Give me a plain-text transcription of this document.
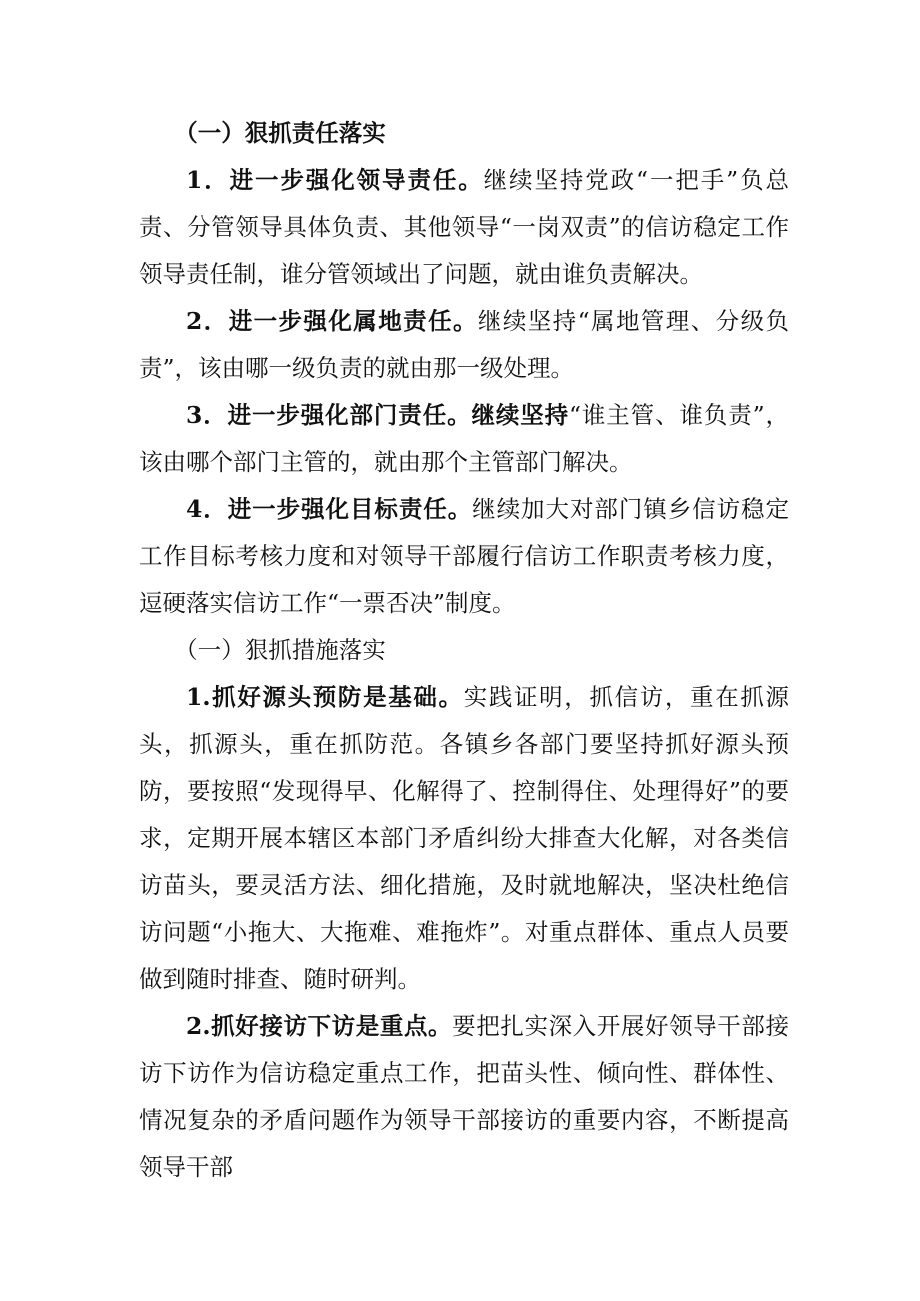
（一）狠抓责任落实

1．进一步强化领导责任。继续坚持党政“一把手”负总责、分管领导具体负责、其他领导“一岗双责”的信访稳定工作领导责任制，谁分管领域出了问题，就由谁负责解决。

2．进一步强化属地责任。继续坚持“属地管理、分级负责”，该由哪一级负责的就由那一级处理。

3．进一步强化部门责任。继续坚持“谁主管、谁负责”，该由哪个部门主管的，就由那个主管部门解决。

4．进一步强化目标责任。继续加大对部门镇乡信访稳定工作目标考核力度和对领导干部履行信访工作职责考核力度，逗硬落实信访工作“一票否决”制度。

（一）狠抓措施落实

1.抓好源头预防是基础。实践证明，抓信访，重在抓源头，抓源头，重在抓防范。各镇乡各部门要坚持抓好源头预防，要按照“发现得早、化解得了、控制得住、处理得好”的要求，定期开展本辖区本部门矛盾纠纷大排查大化解，对各类信访苗头，要灵活方法、细化措施，及时就地解决，坚决杜绝信访问题“小拖大、大拖难、难拖炸”。对重点群体、重点人员要做到随时排查、随时研判。

2.抓好接访下访是重点。要把扎实深入开展好领导干部接访下访作为信访稳定重点工作，把苗头性、倾向性、群体性、情况复杂的矛盾问题作为领导干部接访的重要内容，不断提高领导干部
